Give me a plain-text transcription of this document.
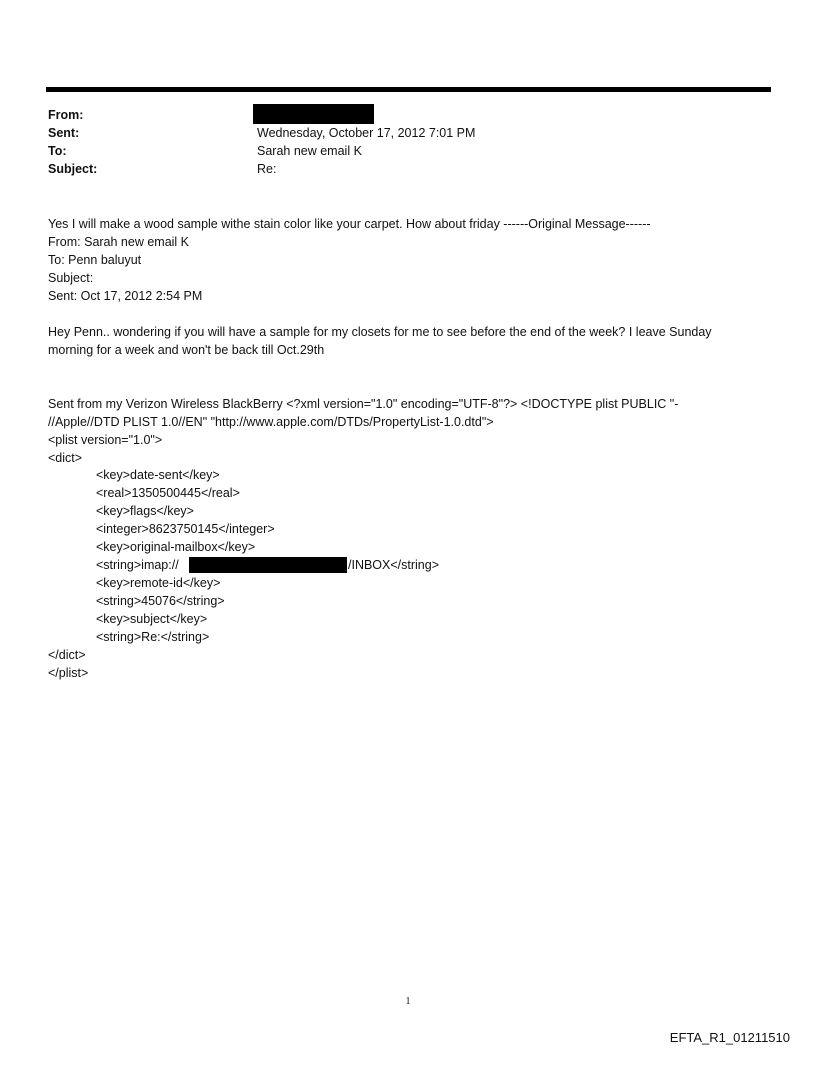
From:
Sent:
To:
Subject:
Wednesday, October 17, 2012 7:01 PM
Sarah new email K
Re:
Yes I will make a wood sample withe stain color like your carpet. How about friday ------Original Message------
From: Sarah new email K
To: Penn baluyut
Subject:
Sent: Oct 17, 2012 2:54 PM
Hey Penn.. wondering if you will have a sample for my closets for me to see before the end of the week? I leave Sunday
morning for a week and won't be back till Oct.29th
Sent from my Verizon Wireless BlackBerry <?xml version="1.0" encoding="UTF-8"?> <!DOCTYPE plist PUBLIC "-
//Apple//DTD PLIST 1.0//EN" "http://www.apple.com/DTDs/PropertyList-1.0.dtd">
<plist version="1.0">
<dict>
<key>date-sent</key>
<real>1350500445</real>
<key>flags</key>
<integer>8623750145</integer>
<key>original-mailbox</key>
<string>imap://	/INBOX</string>
<key>remote-id</key>
<string>45076</string>
<key>subject</key>
<string>Re:</string>
</dict>
</plist>
1
EFTA_R1_01211510
